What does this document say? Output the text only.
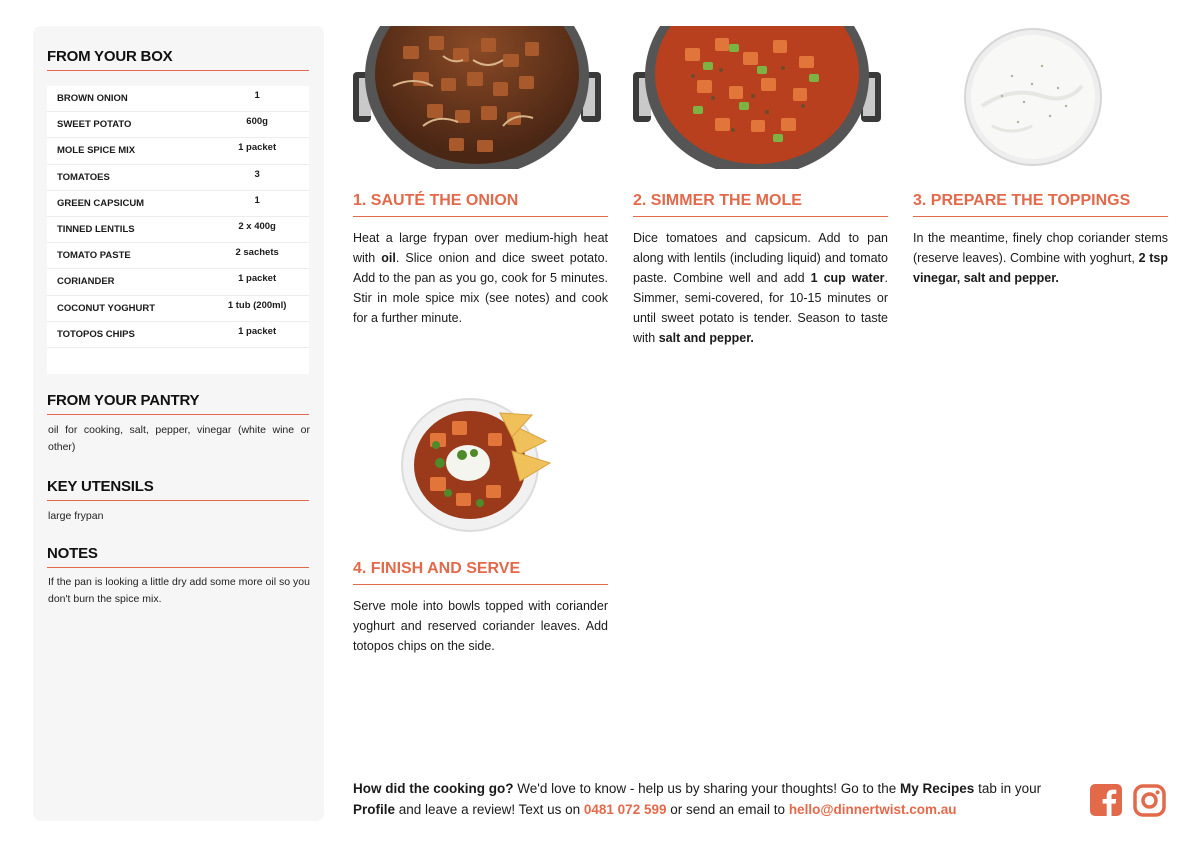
FROM YOUR BOX
BROWN ONION	1
SWEET POTATO	600g
MOLE SPICE MIX	1 packet
TOMATOES	3
GREEN CAPSICUM	1
TINNED LENTILS	2 x 400g
TOMATO PASTE	2 sachets
CORIANDER	1 packet
COCONUT YOGHURT	1 tub (200ml)
TOTOPOS CHIPS	1 packet
FROM YOUR PANTRY
oil for cooking, salt, pepper, vinegar (white wine or other)
KEY UTENSILS
large frypan
NOTES
If the pan is looking a little dry add some more oil so you don't burn the spice mix.
1. SAUTÉ THE ONION
Heat a large frypan over medium-high heat with oil. Slice onion and dice sweet potato. Add to the pan as you go, cook for 5 minutes. Stir in mole spice mix (see notes) and cook for a further minute.
2. SIMMER THE MOLE
Dice tomatoes and capsicum. Add to pan along with lentils (including liquid) and tomato paste. Combine well and add 1 cup water. Simmer, semi-covered, for 10-15 minutes or until sweet potato is tender. Season to taste with salt and pepper.
3. PREPARE THE TOPPINGS
In the meantime, finely chop coriander stems (reserve leaves). Combine with yoghurt, 2 tsp vinegar, salt and pepper.
4. FINISH AND SERVE
Serve mole into bowls topped with coriander yoghurt and reserved coriander leaves. Add totopos chips on the side.
How did the cooking go? We'd love to know - help us by sharing your thoughts! Go to the My Recipes tab in your Profile and leave a review! Text us on 0481 072 599 or send an email to hello@dinnertwist.com.au
